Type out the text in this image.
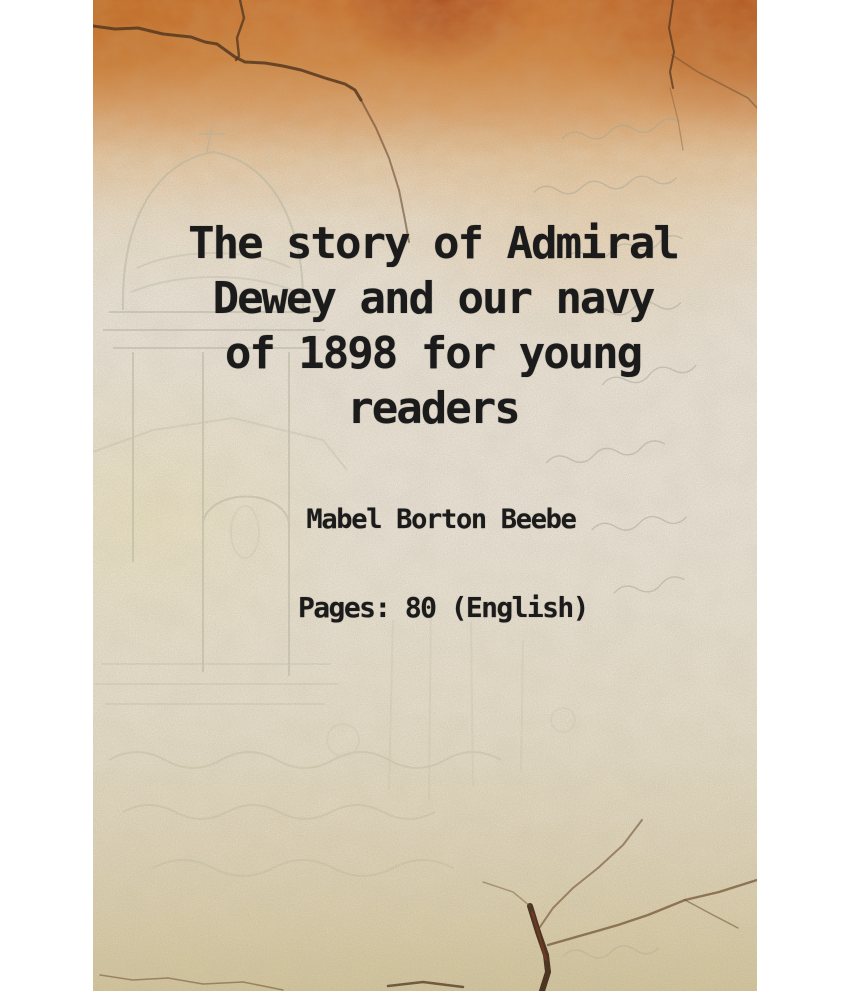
The story of Admiral
Dewey and our navy
of 1898 for young
readers
Mabel Borton Beebe
Pages: 80 (English)
